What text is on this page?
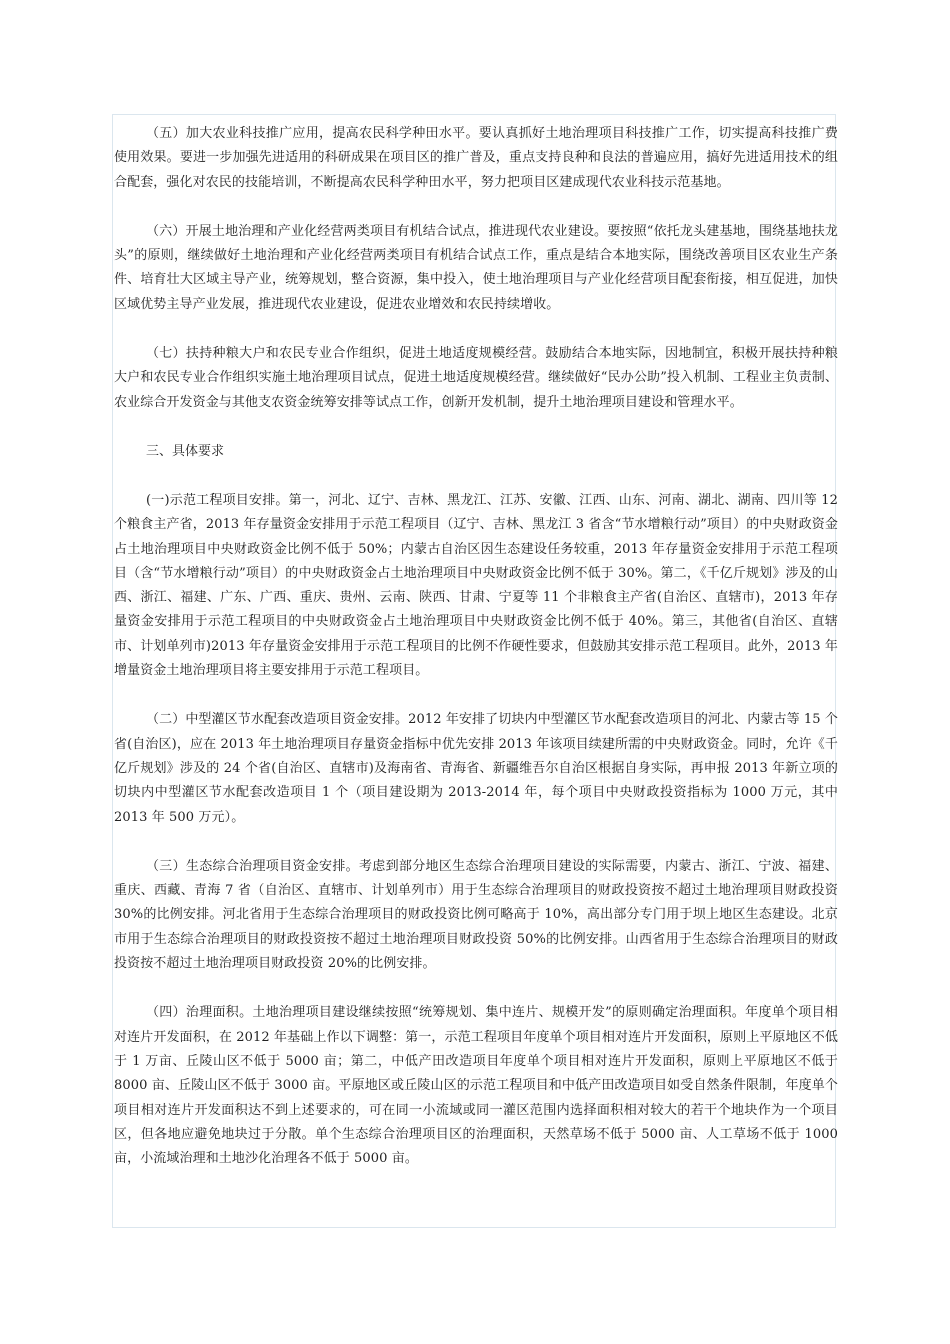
（五）加大农业科技推广应用，提高农民科学种田水平。要认真抓好土地治理项目科技推广工作，切实提高科技推广费使用效果。要进一步加强先进适用的科研成果在项目区的推广普及，重点支持良种和良法的普遍应用，搞好先进适用技术的组合配套，强化对农民的技能培训，不断提高农民科学种田水平，努力把项目区建成现代农业科技示范基地。

（六）开展土地治理和产业化经营两类项目有机结合试点，推进现代农业建设。要按照“依托龙头建基地，围绕基地扶龙头”的原则，继续做好土地治理和产业化经营两类项目有机结合试点工作，重点是结合本地实际，围绕改善项目区农业生产条件、培育壮大区域主导产业，统筹规划，整合资源，集中投入，使土地治理项目与产业化经营项目配套衔接，相互促进，加快区域优势主导产业发展，推进现代农业建设，促进农业增效和农民持续增收。

（七）扶持种粮大户和农民专业合作组织，促进土地适度规模经营。鼓励结合本地实际，因地制宜，积极开展扶持种粮大户和农民专业合作组织实施土地治理项目试点，促进土地适度规模经营。继续做好“民办公助”投入机制、工程业主负责制、农业综合开发资金与其他支农资金统筹安排等试点工作，创新开发机制，提升土地治理项目建设和管理水平。

三、具体要求

(一)示范工程项目安排。第一，河北、辽宁、吉林、黑龙江、江苏、安徽、江西、山东、河南、湖北、湖南、四川等 12 个粮食主产省，2013 年存量资金安排用于示范工程项目（辽宁、吉林、黑龙江 3 省含“节水增粮行动”项目）的中央财政资金占土地治理项目中央财政资金比例不低于 50%；内蒙古自治区因生态建设任务较重，2013 年存量资金安排用于示范工程项目（含“节水增粮行动”项目）的中央财政资金占土地治理项目中央财政资金比例不低于 30%。第二，《千亿斤规划》涉及的山西、浙江、福建、广东、广西、重庆、贵州、云南、陕西、甘肃、宁夏等 11 个非粮食主产省(自治区、直辖市)，2013 年存量资金安排用于示范工程项目的中央财政资金占土地治理项目中央财政资金比例不低于 40%。第三，其他省(自治区、直辖市、计划单列市)2013 年存量资金安排用于示范工程项目的比例不作硬性要求，但鼓励其安排示范工程项目。此外，2013 年增量资金土地治理项目将主要安排用于示范工程项目。

（二）中型灌区节水配套改造项目资金安排。2012 年安排了切块内中型灌区节水配套改造项目的河北、内蒙古等 15 个省(自治区)，应在 2013 年土地治理项目存量资金指标中优先安排 2013 年该项目续建所需的中央财政资金。同时，允许《千亿斤规划》涉及的 24 个省(自治区、直辖市)及海南省、青海省、新疆维吾尔自治区根据自身实际，再申报 2013 年新立项的切块内中型灌区节水配套改造项目 1 个（项目建设期为 2013-2014 年，每个项目中央财政投资指标为 1000 万元，其中 2013 年 500 万元）。

（三）生态综合治理项目资金安排。考虑到部分地区生态综合治理项目建设的实际需要，内蒙古、浙江、宁波、福建、重庆、西藏、青海 7 省（自治区、直辖市、计划单列市）用于生态综合治理项目的财政投资按不超过土地治理项目财政投资 30%的比例安排。河北省用于生态综合治理项目的财政投资比例可略高于 10%，高出部分专门用于坝上地区生态建设。北京市用于生态综合治理项目的财政投资按不超过土地治理项目财政投资 50%的比例安排。山西省用于生态综合治理项目的财政投资按不超过土地治理项目财政投资 20%的比例安排。

（四）治理面积。土地治理项目建设继续按照“统筹规划、集中连片、规模开发”的原则确定治理面积。年度单个项目相对连片开发面积，在 2012 年基础上作以下调整：第一，示范工程项目年度单个项目相对连片开发面积，原则上平原地区不低于 1 万亩、丘陵山区不低于 5000 亩；第二，中低产田改造项目年度单个项目相对连片开发面积，原则上平原地区不低于 8000 亩、丘陵山区不低于 3000 亩。平原地区或丘陵山区的示范工程项目和中低产田改造项目如受自然条件限制，年度单个项目相对连片开发面积达不到上述要求的，可在同一小流域或同一灌区范围内选择面积相对较大的若干个地块作为一个项目区，但各地应避免地块过于分散。单个生态综合治理项目区的治理面积，天然草场不低于 5000 亩、人工草场不低于 1000 亩，小流域治理和土地沙化治理各不低于 5000 亩。
